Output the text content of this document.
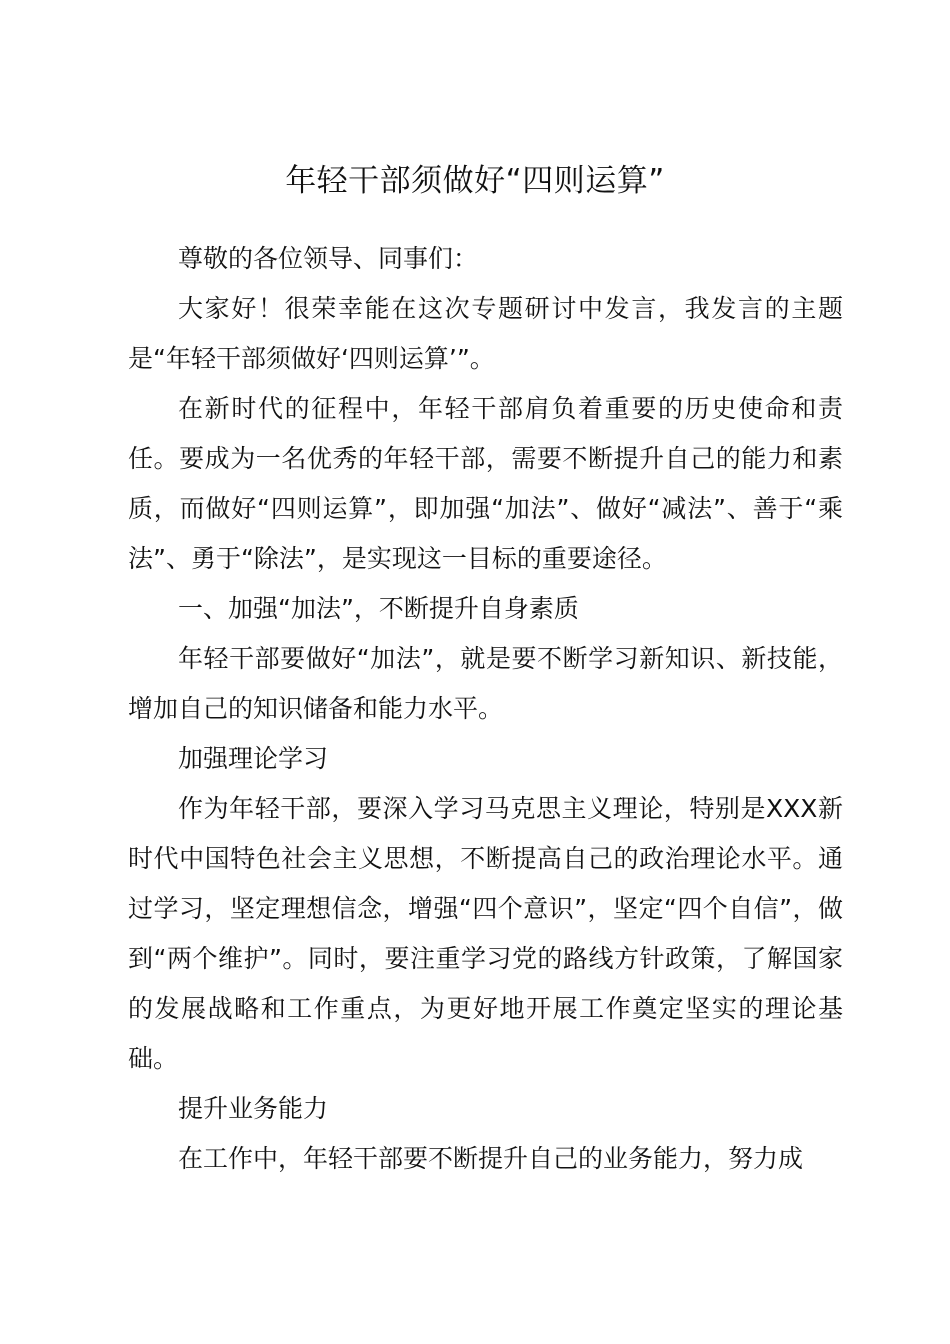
年轻干部须做好“四则运算”

尊敬的各位领导、同事们：

大家好！很荣幸能在这次专题研讨中发言，我发言的主题是“年轻干部须做好‘四则运算’”。

在新时代的征程中，年轻干部肩负着重要的历史使命和责任。要成为一名优秀的年轻干部，需要不断提升自己的能力和素质，而做好“四则运算”，即加强“加法”、做好“减法”、善于“乘法”、勇于“除法”，是实现这一目标的重要途径。

一、加强“加法”，不断提升自身素质

年轻干部要做好“加法”，就是要不断学习新知识、新技能，增加自己的知识储备和能力水平。

加强理论学习

作为年轻干部，要深入学习马克思主义理论，特别是XXX新时代中国特色社会主义思想，不断提高自己的政治理论水平。通过学习，坚定理想信念，增强“四个意识”，坚定“四个自信”，做到“两个维护”。同时，要注重学习党的路线方针政策，了解国家的发展战略和工作重点，为更好地开展工作奠定坚实的理论基础。

提升业务能力

在工作中，年轻干部要不断提升自己的业务能力，努力成
